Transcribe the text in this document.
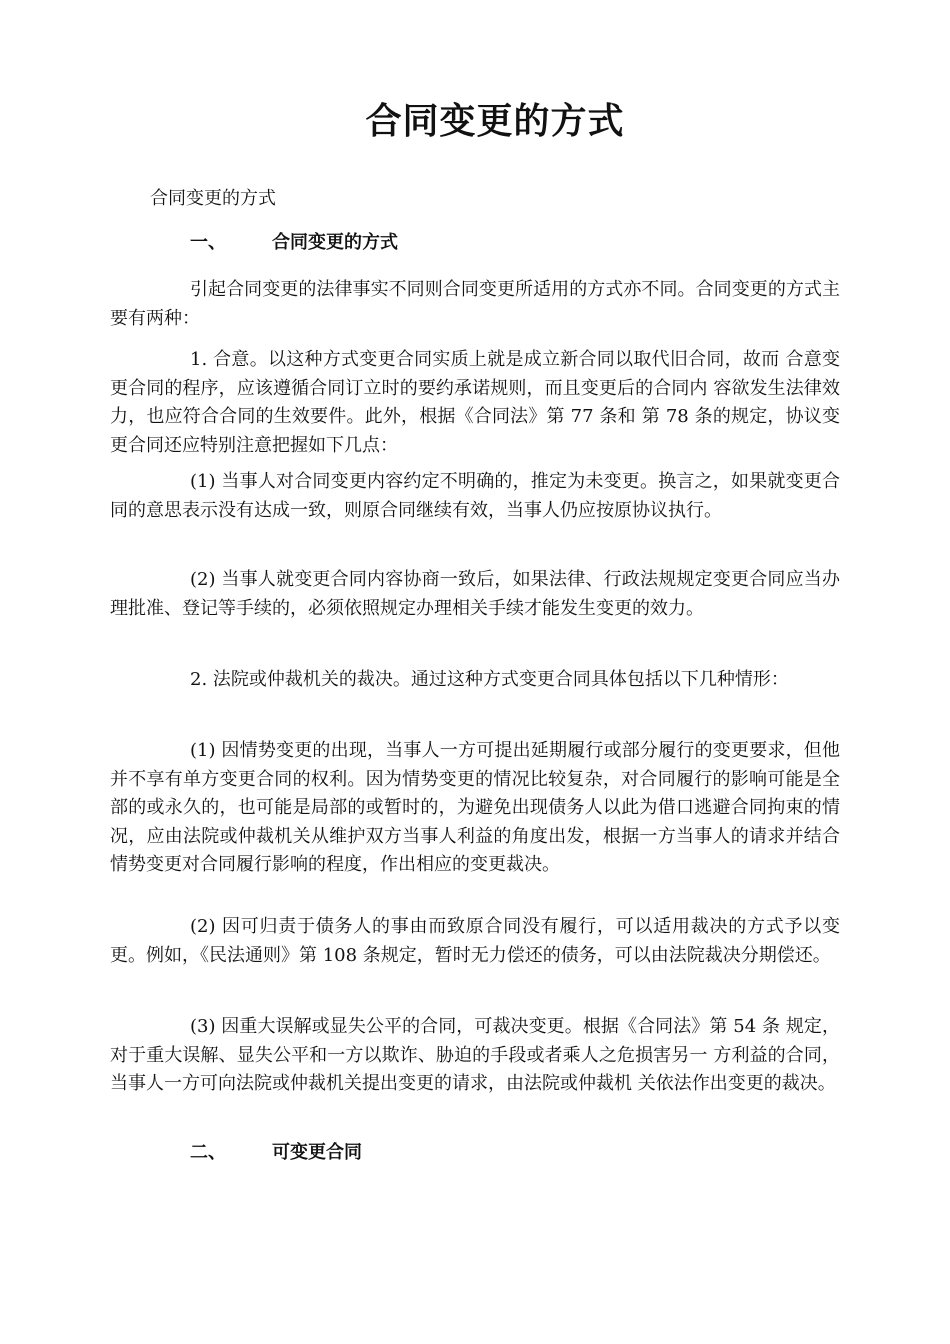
合同变更的方式
合同变更的方式
一、	合同变更的方式

引起合同变更的法律事实不同则合同变更所适用的方式亦不同。合同变更的方式主要有两种：

1. 合意。以这种方式变更合同实质上就是成立新合同以取代旧合同，故而 合意变更合同的程序，应该遵循合同订立时的要约承诺规则，而且变更后的合同内 容欲发生法律效力，也应符合合同的生效要件。此外，根据《合同法》第 77 条和 第 78 条的规定，协议变更合同还应特别注意把握如下几点：

(1) 当事人对合同变更内容约定不明确的，推定为未变更。换言之，如果就变更合同的意思表示没有达成一致，则原合同继续有效，当事人仍应按原协议执行。

(2) 当事人就变更合同内容协商一致后，如果法律、行政法规规定变更合同应当办理批准、登记等手续的，必须依照规定办理相关手续才能发生变更的效力。

2. 法院或仲裁机关的裁决。通过这种方式变更合同具体包括以下几种情形：

(1) 因情势变更的出现，当事人一方可提出延期履行或部分履行的变更要求，但他并不享有单方变更合同的权利。因为情势变更的情况比较复杂，对合同履行的影响可能是全部的或永久的，也可能是局部的或暂时的，为避免出现债务人以此为借口逃避合同拘束的情况，应由法院或仲裁机关从维护双方当事人利益的角度出发，根据一方当事人的请求并结合情势变更对合同履行影响的程度，作出相应的变更裁决。

(2) 因可归责于债务人的事由而致原合同没有履行，可以适用裁决的方式予以变更。例如，《民法通则》第 108 条规定，暂时无力偿还的债务，可以由法院裁决分期偿还。

(3) 因重大误解或显失公平的合同，可裁决变更。根据《合同法》第 54 条 规定，对于重大误解、显失公平和一方以欺诈、胁迫的手段或者乘人之危损害另一 方利益的合同，当事人一方可向法院或仲裁机关提出变更的请求，由法院或仲裁机 关依法作出变更的裁决。

二、	可变更合同
